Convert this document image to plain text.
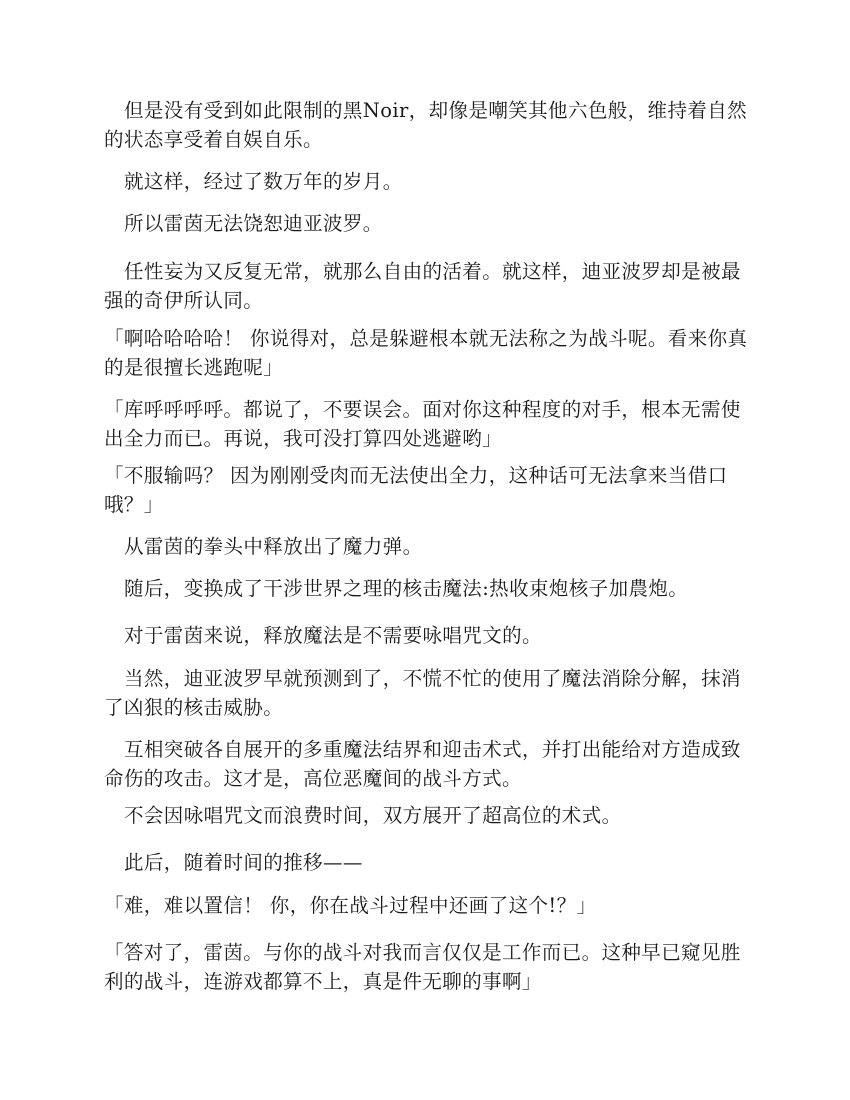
但是没有受到如此限制的黑Noir，却像是嘲笑其他六色般，维持着自然的状态享受着自娱自乐。

就这样，经过了数万年的岁月。

所以雷茵无法饶恕迪亚波罗。

任性妄为又反复无常，就那么自由的活着。就这样，迪亚波罗却是被最强的奇伊所认同。

「啊哈哈哈哈！ 你说得对，总是躲避根本就无法称之为战斗呢。看来你真的是很擅长逃跑呢」

「库呼呼呼呼。都说了，不要误会。面对你这种程度的对手，根本无需使出全力而已。再说，我可没打算四处逃避哟」

「不服输吗？ 因为刚刚受肉而无法使出全力，这种话可无法拿来当借口哦？」

从雷茵的拳头中释放出了魔力弹。

随后，变换成了干涉世界之理的核击魔法:热收束炮核子加農炮。

对于雷茵来说，释放魔法是不需要咏唱咒文的。

当然，迪亚波罗早就预测到了，不慌不忙的使用了魔法消除分解，抹消了凶狠的核击威胁。

互相突破各自展开的多重魔法结界和迎击术式，并打出能给对方造成致命伤的攻击。这才是，高位恶魔间的战斗方式。

不会因咏唱咒文而浪费时间，双方展开了超高位的术式。

此后，随着时间的推移——

「难，难以置信！ 你，你在战斗过程中还画了这个!？」

「答对了，雷茵。与你的战斗对我而言仅仅是工作而已。这种早已窥见胜利的战斗，连游戏都算不上，真是件无聊的事啊」
